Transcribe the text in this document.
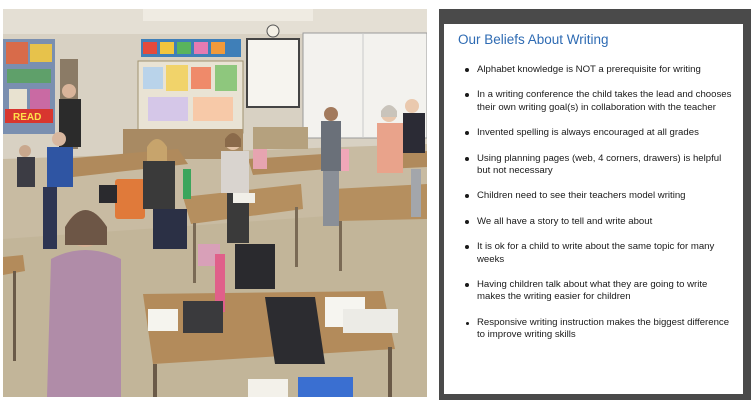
READ
Our Beliefs About Writing
Alphabet knowledge is NOT a prerequisite for writing
In a writing conference the child takes the lead and chooses their own writing goal(s) in collaboration with the teacher
Invented spelling is always encouraged at all grades
Using planning pages (web, 4 corners, drawers) is helpful but not necessary
Children need to see their teachers model writing
We all have a story to tell and write about
It is ok for a child to write about the same topic for many weeks
Having children talk about what they are going to write makes the writing easier for children
Responsive writing instruction makes the biggest difference to improve writing skills
